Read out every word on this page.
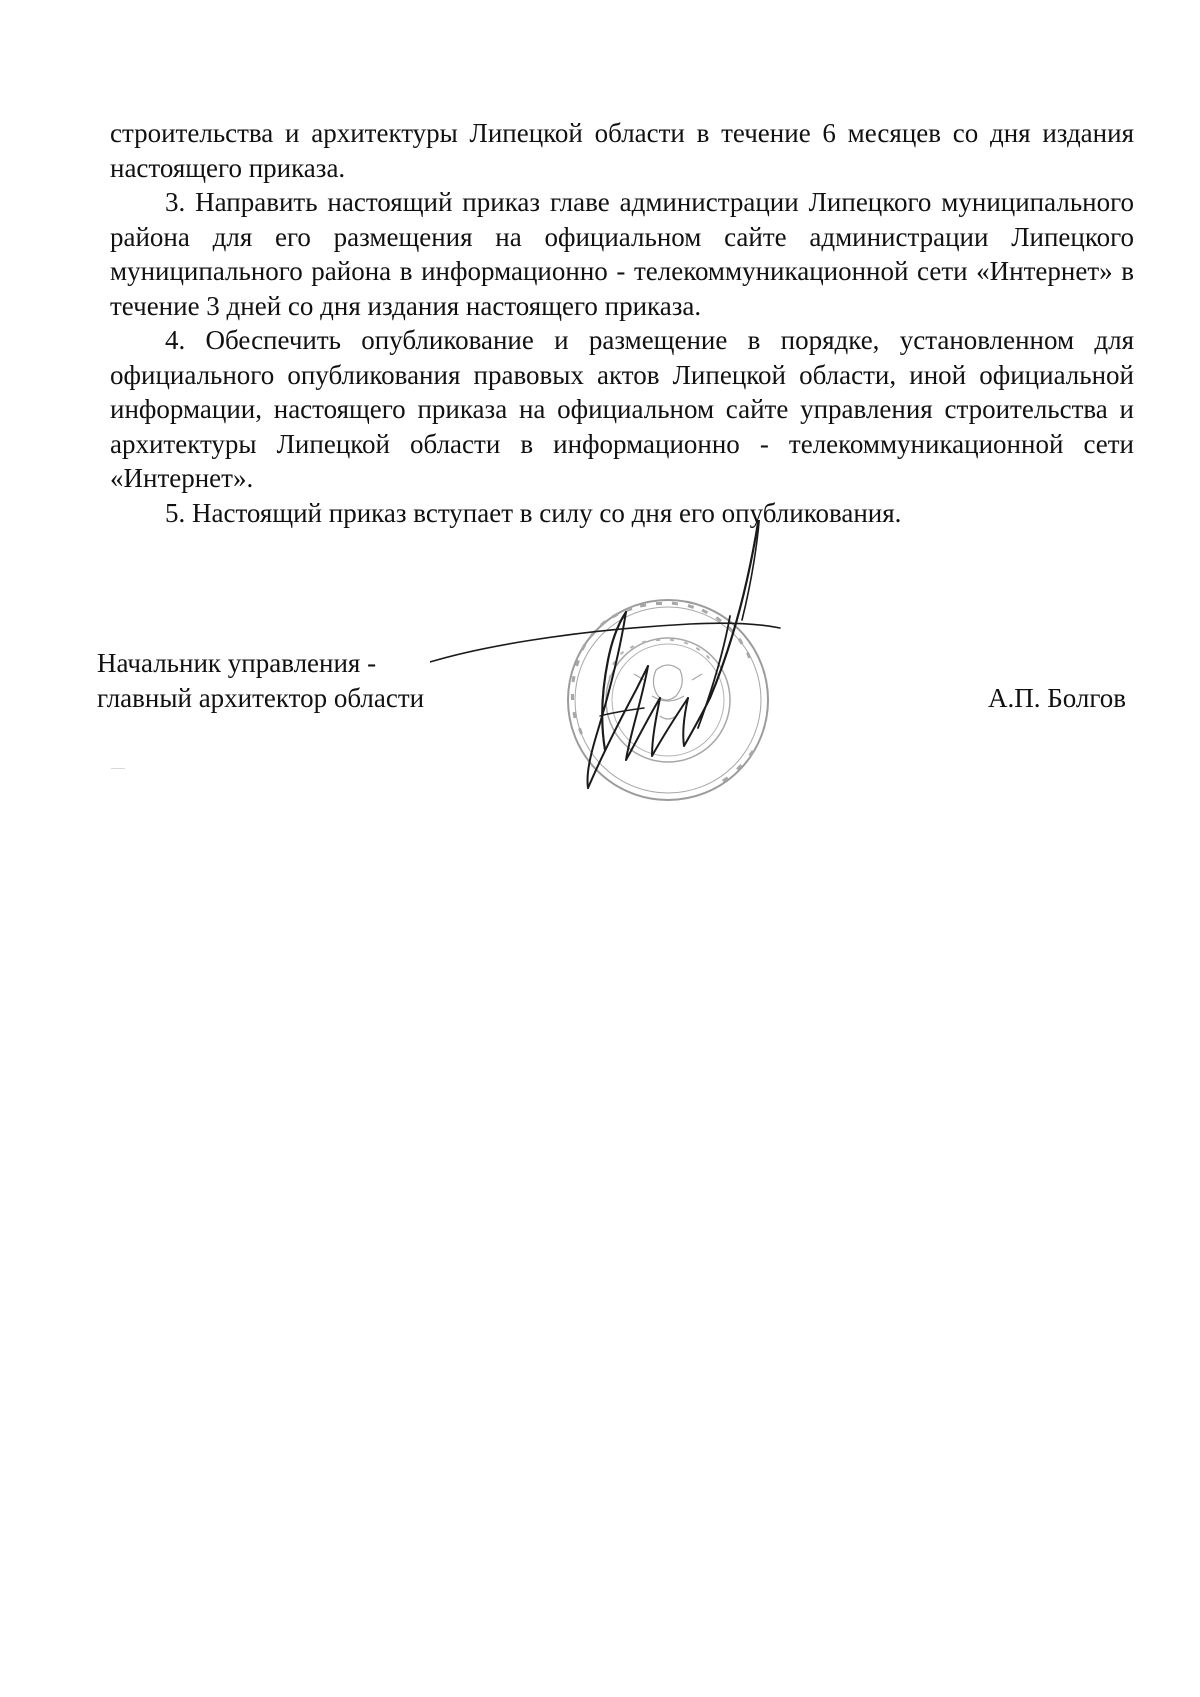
строительства и архитектуры Липецкой области в течение 6 месяцев со дня издания настоящего приказа.

3. Направить настоящий приказ главе администрации Липецкого муниципального района для его размещения на официальном сайте администрации Липецкого муниципального района в информационно - телекоммуникационной сети «Интернет» в течение 3 дней со дня издания настоящего приказа.

4. Обеспечить опубликование и размещение в порядке, установленном для официального опубликования правовых актов Липецкой области, иной официальной информации, настоящего приказа на официальном сайте управления строительства и архитектуры Липецкой области в информационно - телекоммуникационной сети «Интернет».

5. Настоящий приказ вступает в силу со дня его опубликования.

Начальник управления -
главный архитектор области	А.П. Болгов
